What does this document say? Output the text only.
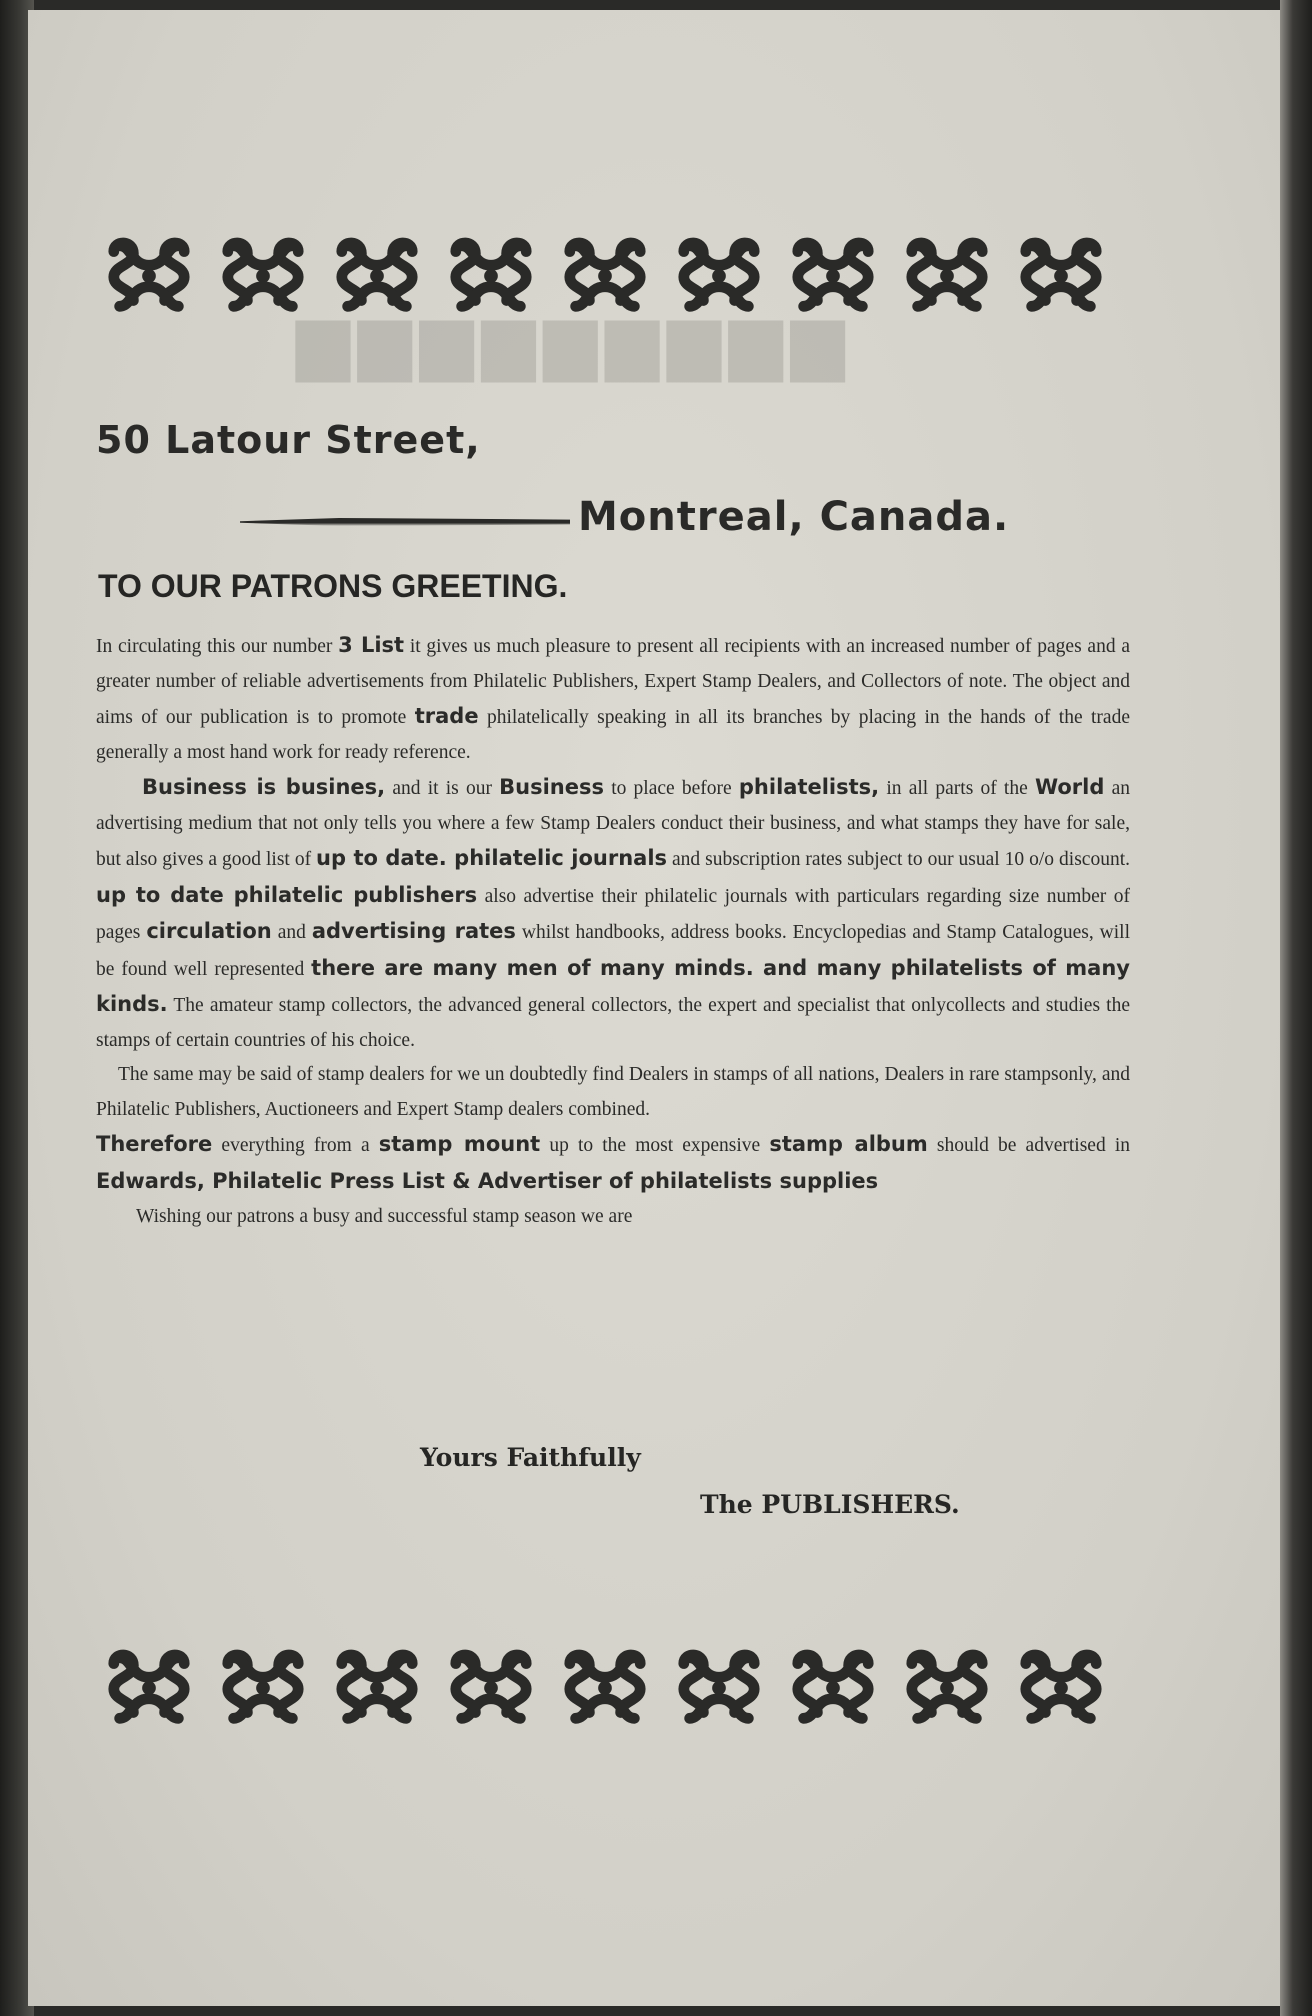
▆▆▆▆▆▆▆▆▆
50 Latour Street,
Montreal, Canada.
TO OUR PATRONS GREETING.

In circulating this our number 3 List it gives us much pleasure to present all recipients with an increased number of pages and a greater number of reliable advertisements from Philatelic Publishers, Expert Stamp Dealers, and Collectors of note. The object and aims of our publication is to promote trade philatelically speaking in all its branches by placing in the hands of the trade generally a most hand work for ready reference.

Business is busines, and it is our Business to place before philatelists, in all parts of the World an advertising medium that not only tells you where a few Stamp Dealers conduct their business, and what stamps they have for sale, but also gives a good list of up to date. philatelic journals and subscription rates subject to our usual 10 o/o discount. up to date philatelic publishers also advertise their philatelic journals with particulars regarding size number of pages circulation and advertising rates whilst handbooks, address books. Encyclopedias and Stamp Catalogues, will be found well represented there are many men of many minds. and many philatelists of many kinds. The amateur stamp collectors, the advanced general collectors, the expert and specialist that onlycollects and studies the stamps of certain countries of his choice.

The same may be said of stamp dealers for we un doubtedly find Dealers in stamps of all nations, Dealers in rare stampsonly, and Philatelic Publishers, Auctioneers and Expert Stamp dealers combined.

Therefore everything from a stamp mount up to the most expensive stamp album should be advertised in Edwards, Philatelic Press List & Advertiser of philatelists supplies

Wishing our patrons a busy and successful stamp season we are

Yours Faithfully
The PUBLISHERS.
